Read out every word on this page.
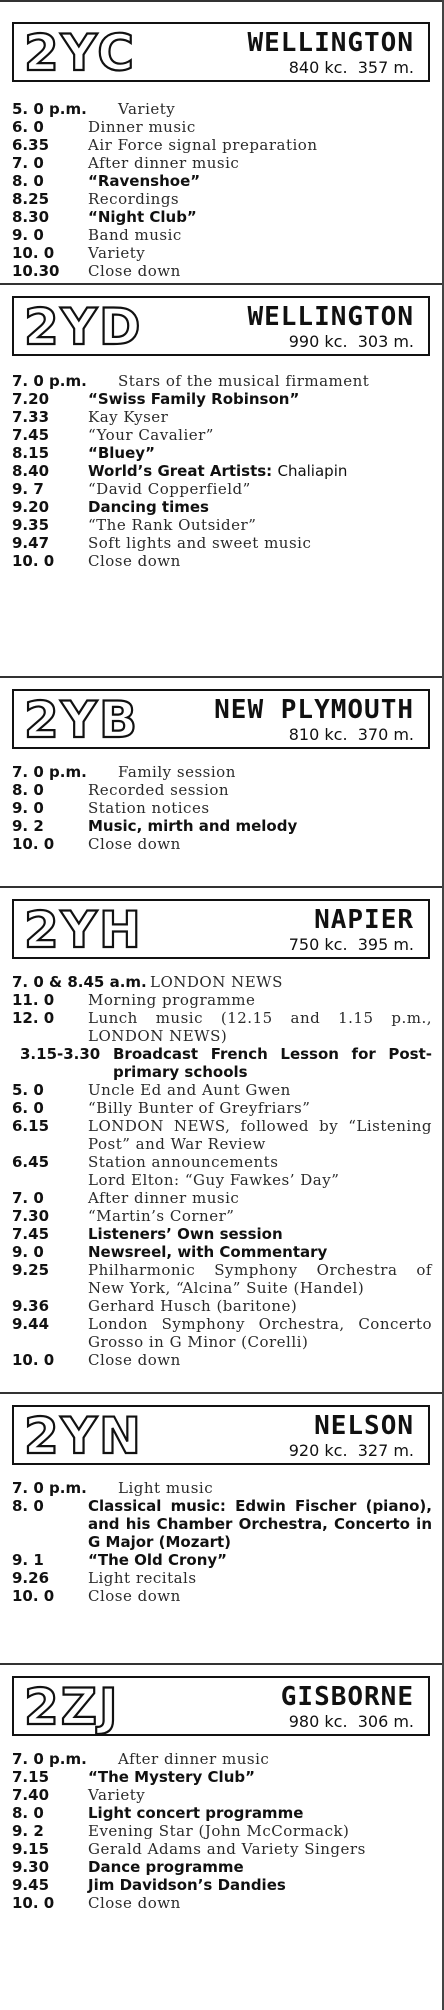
2YC	WELLINGTON
840 kc. 357 m.
5. 0 p.m. Variety
6. 0	Dinner music
6.35	Air Force signal preparation
7. 0	After dinner music
8. 0	“Ravenshoe”
8.25	Recordings
8.30	“Night Club”
9. 0	Band music
10. 0 Variety
10.30 Close down
2YD	WELLINGTON
990 kc. 303 m.
7. 0 p.m. Stars of the musical firmament
7.20	“Swiss Family Robinson”
7.33	Kay Kyser
7.45	“Your Cavalier”
8.15	“Bluey”
8.40	World’s Great Artists: Chaliapin
9. 7	“David Copperfield”
9.20	Dancing times
9.35	“The Rank Outsider”
9.47	Soft lights and sweet music
10. 0 Close down
2YB	NEW PLYMOUTH
810 kc. 370 m.
7. 0 p.m. Family session
8. 0	Recorded session
9. 0	Station notices
9. 2	Music, mirth and melody
10. 0 Close down
2YH	NAPIER
750 kc. 395 m.
7. 0 & 8.45 a.m. LONDON NEWS
11. 0 Morning programme
12. 0 Lunch music (12.15 and 1.15 p.m., LONDON NEWS)
3.15-3.30 Broadcast French Lesson for Post-primary schools
5. 0	Uncle Ed and Aunt Gwen
6. 0	“Billy Bunter of Greyfriars”
6.15	LONDON NEWS, followed by “Listening Post” and War Review
6.45	Station announcements
Lord Elton: “Guy Fawkes’ Day”
7. 0	After dinner music
7.30	“Martin’s Corner”
7.45	Listeners’ Own session
9. 0	Newsreel, with Commentary
9.25	Philharmonic Symphony Orchestra of New York, “Alcina” Suite (Handel)
9.36	Gerhard Husch (baritone)
9.44	London Symphony Orchestra, Concerto Grosso in G Minor (Corelli)
10. 0 Close down
2YN	NELSON
920 kc. 327 m.
7. 0 p.m. Light music
8. 0	Classical music: Edwin Fischer (piano), and his Chamber Orchestra, Concerto in G Major (Mozart)
9. 1	“The Old Crony”
9.26	Light recitals
10. 0 Close down
2ZJ	GISBORNE
980 kc. 306 m.
7. 0 p.m. After dinner music
7.15	“The Mystery Club”
7.40	Variety
8. 0	Light concert programme
9. 2	Evening Star (John McCormack)
9.15	Gerald Adams and Variety Singers
9.30	Dance programme
9.45	Jim Davidson’s Dandies
10. 0 Close down
